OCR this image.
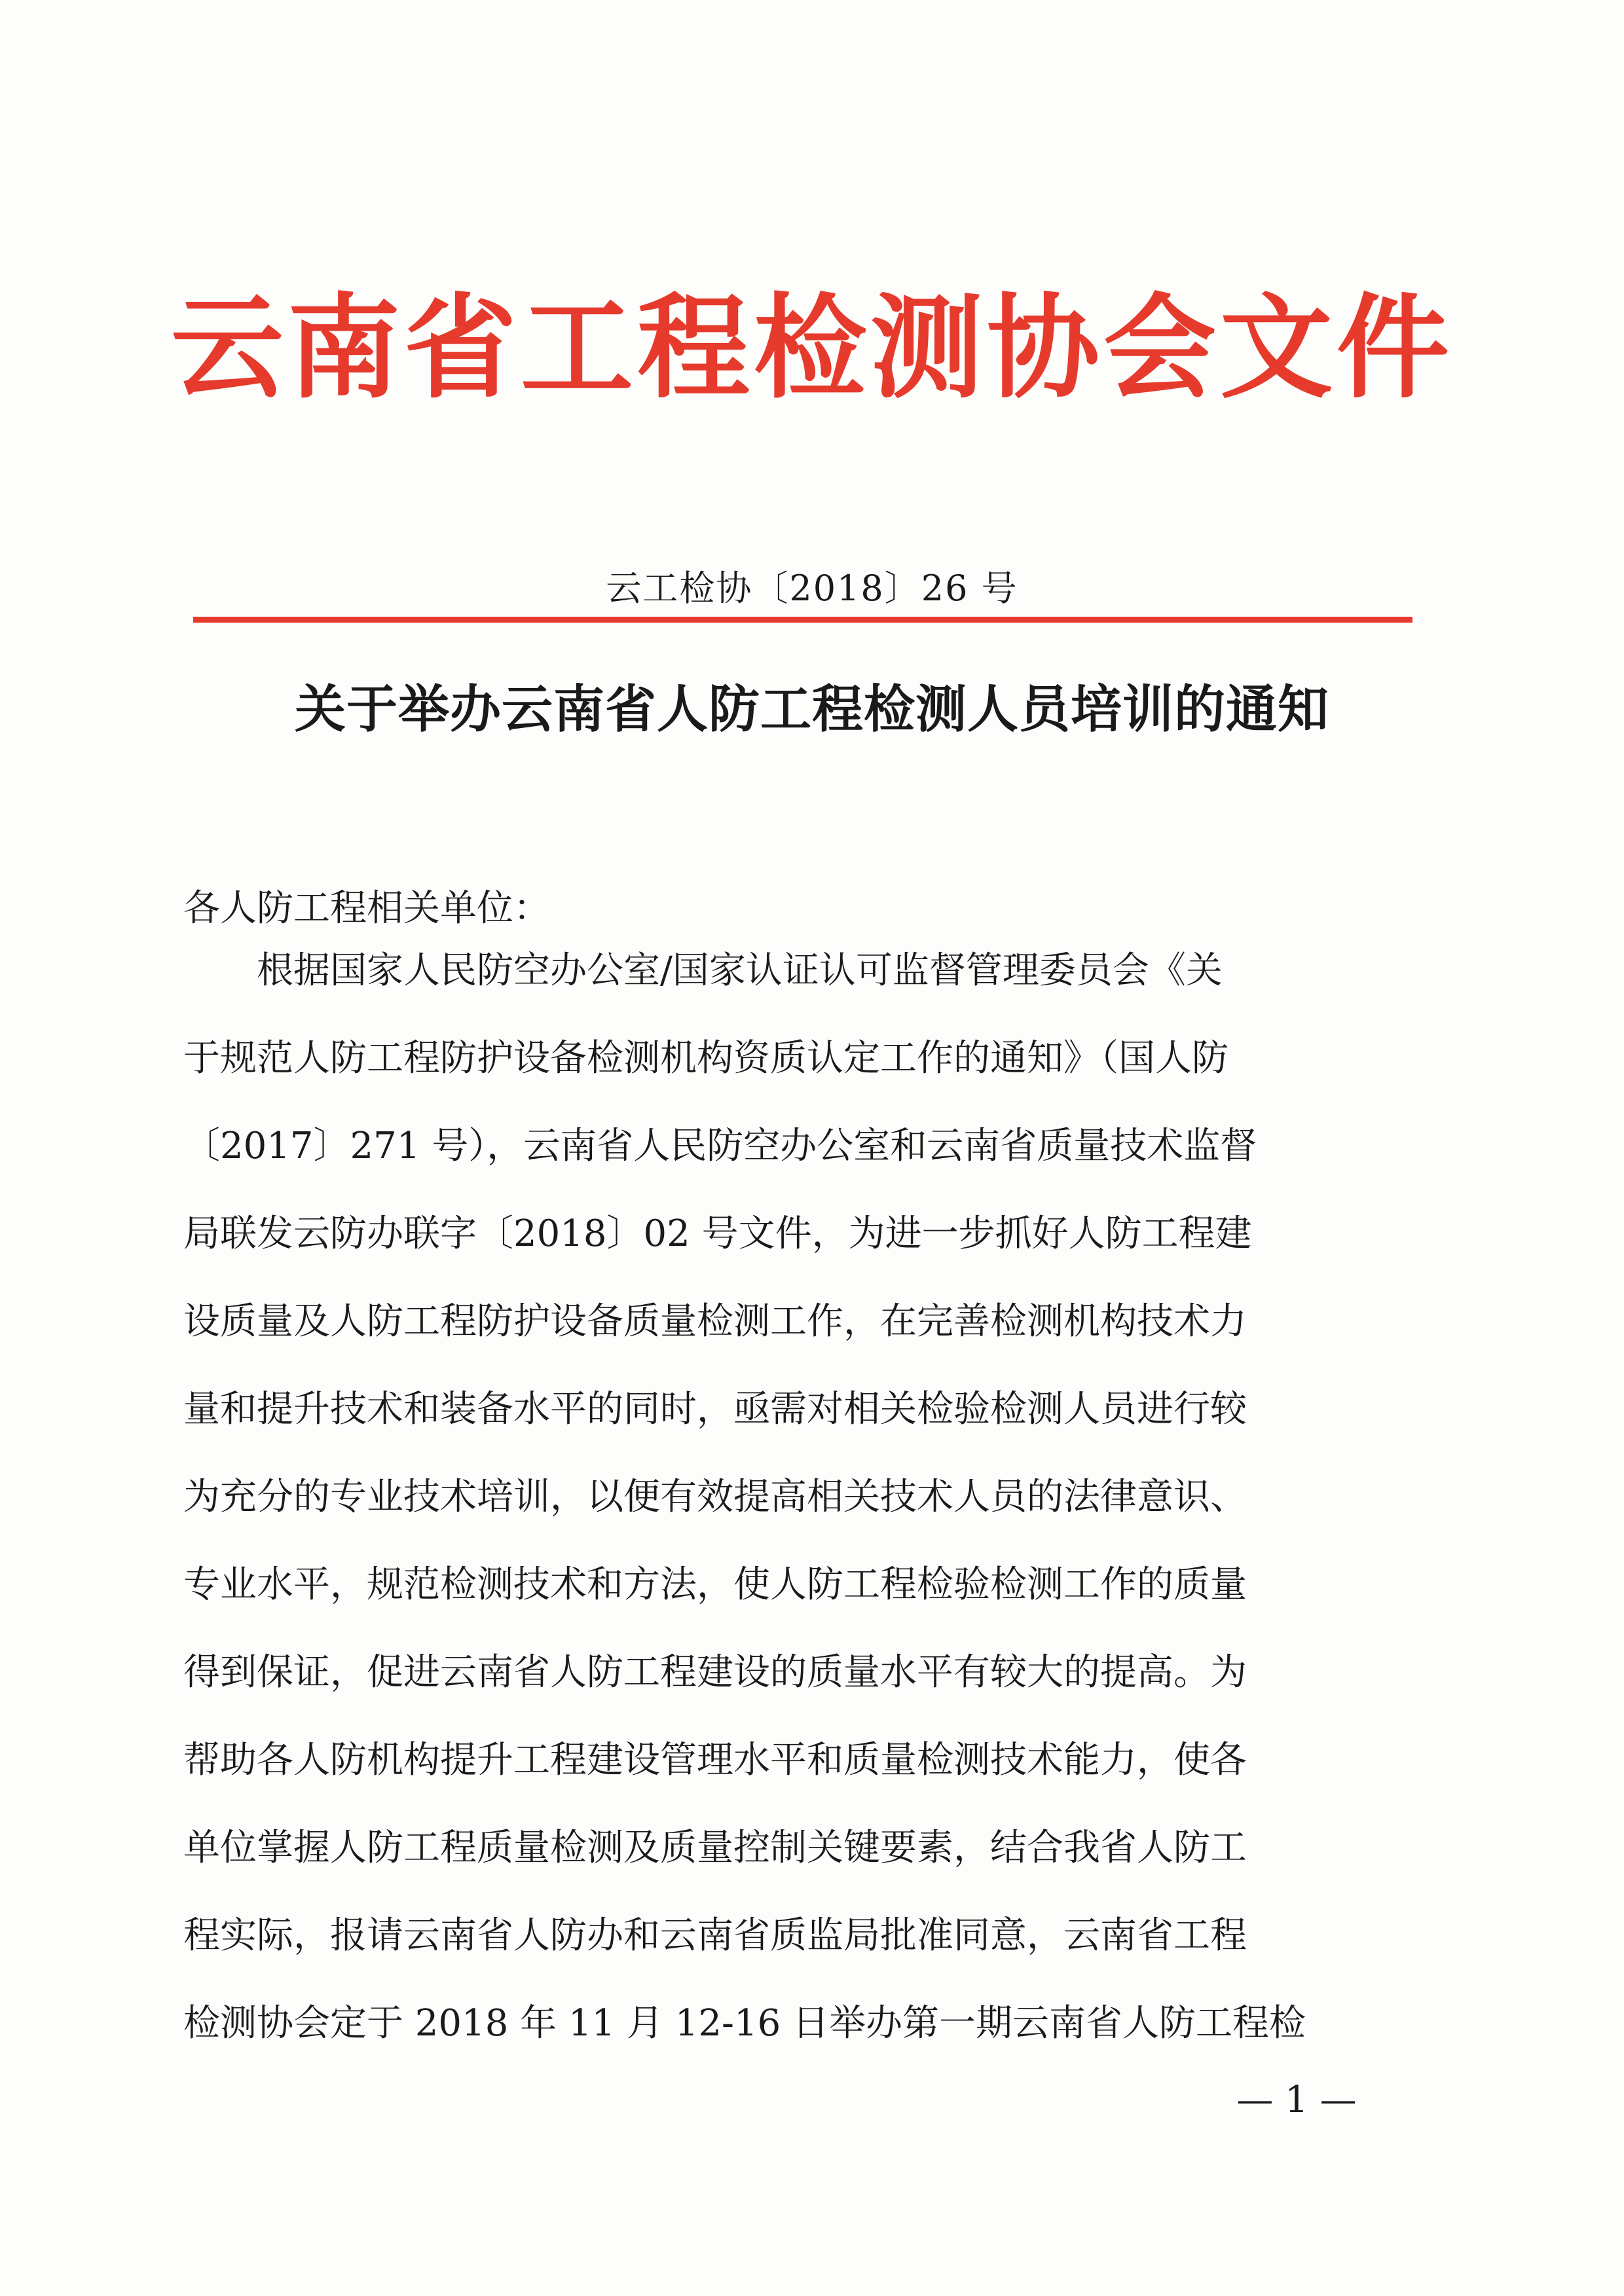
云南省工程检测协会文件
云工检协〔2018〕26 号
关于举办云南省人防工程检测人员培训的通知
各人防工程相关单位：
　　根据国家人民防空办公室/国家认证认可监督管理委员会《关
于规范人防工程防护设备检测机构资质认定工作的通知》（国人防
〔2017〕271 号），云南省人民防空办公室和云南省质量技术监督
局联发云防办联字〔2018〕02 号文件，为进一步抓好人防工程建
设质量及人防工程防护设备质量检测工作，在完善检测机构技术力
量和提升技术和装备水平的同时，亟需对相关检验检测人员进行较
为充分的专业技术培训，以便有效提高相关技术人员的法律意识、
专业水平，规范检测技术和方法，使人防工程检验检测工作的质量
得到保证，促进云南省人防工程建设的质量水平有较大的提高。为
帮助各人防机构提升工程建设管理水平和质量检测技术能力，使各
单位掌握人防工程质量检测及质量控制关键要素，结合我省人防工
程实际，报请云南省人防办和云南省质监局批准同意，云南省工程
检测协会定于 2018 年 11 月 12-16 日举办第一期云南省人防工程检
— 1 —
